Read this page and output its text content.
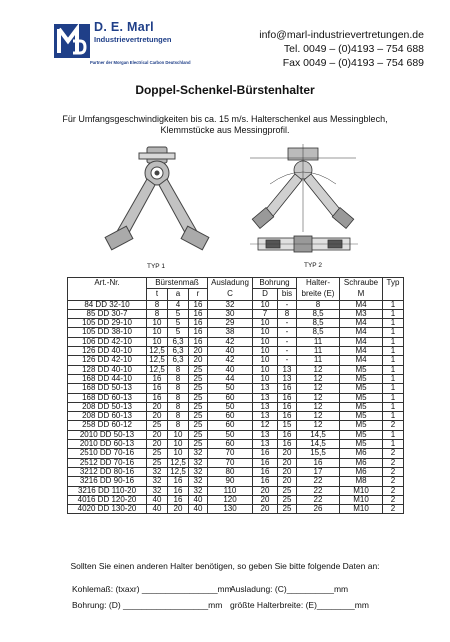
D. E. Marl
Industrievertretungen
Partner der Morgan Electrical Carbon Deutschland
info@marl-industrievertretungen.de
Tel. 0049 – (0)4193 – 754 688
Fax 0049 – (0)4193 – 754 689
Doppel-Schenkel-Bürstenhalter
Für Umfangsgeschwindigkeiten bis ca. 15 m/s. Halterschenkel aus Messingblech,
Klemmstücke aus Messingprofil.
TYP 1	TYP 2
Art.-Nr.	Bürstenmaß			Ausladung	Bohrung		Halter-	Schraube	Typ
	t	a	r	C	D	bis	breite (E)	M	
84 DD 32-10	8	4	16	32	10	-	8	M4	1
85 DD 30-7	8	5	16	30	7	8	8,5	M3	1
105 DD 29-10	10	5	16	29	10	-	8,5	M4	1
105 DD 38-10	10	5	16	38	10	-	8,5	M4	1
106 DD 42-10	10	6,3	16	42	10	-	11	M4	1
126 DD 40-10	12,5	6,3	20	40	10	-	11	M4	1
126 DD 42-10	12,5	6,3	20	42	10	-	11	M4	1
128 DD 40-10	12,5	8	25	40	10	13	12	M5	1
168 DD 44-10	16	8	25	44	10	13	12	M5	1
168 DD 50-13	16	8	25	50	13	16	12	M5	1
168 DD 60-13	16	8	25	60	13	16	12	M5	1
208 DD 50-13	20	8	25	50	13	16	12	M5	1
208 DD 60-13	20	8	25	60	13	16	12	M5	1
258 DD 60-12	25	8	25	60	12	15	12	M5	2
2010 DD 50-13	20	10	25	50	13	16	14,5	M5	1
2010 DD 60-13	20	10	25	60	13	16	14,5	M5	1
2510 DD 70-16	25	10	32	70	16	20	15,5	M6	2
2512 DD 70-16	25	12,5	32	70	16	20	16	M6	2
3212 DD 80-16	32	12,5	32	80	16	20	17	M6	2
3216 DD 90-16	32	16	32	90	16	20	22	M8	2
3216 DD 110-20	32	16	32	110	20	25	22	M10	2
4016 DD 120-20	40	16	40	120	20	25	22	M10	2
4020 DD 130-20	40	20	40	130	20	25	26	M10	2
Sollten Sie einen anderen Halter benötigen, so geben Sie bitte folgende Daten an:
Kohlemaß: (txaxr) ________________mm
Ausladung: (C)__________mm
Bohrung: (D) __________________mm größte Halterbreite: (E)________mm
